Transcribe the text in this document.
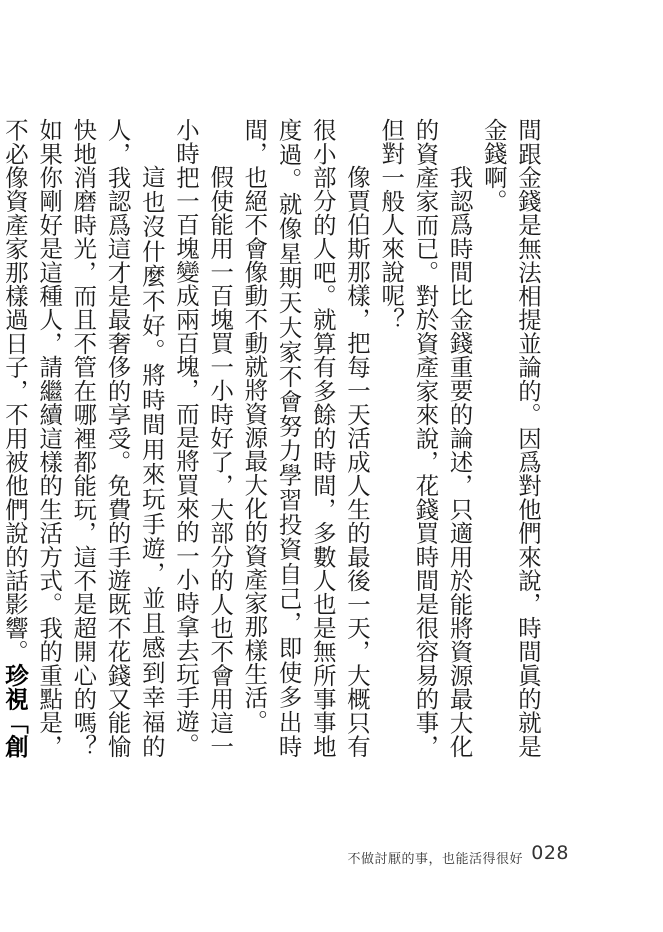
間跟金錢是無法相提並論的。因爲對他們來說，時間眞的就是金錢啊。

我認爲時間比金錢重要的論述，只適用於能將資源最大化的資產家而已。對於資產家來說，花錢買時間是很容易的事，但對一般人來說呢？

像賈伯斯那樣，把每一天活成人生的最後一天，大概只有很小部分的人吧。就算有多餘的時間，多數人也是無所事事地度過。就像星期天大家不會努力學習投資自己，即使多出時間，也絕不會像動不動就將資源最大化的資產家那樣生活。

假使能用一百塊買一小時好了，大部分的人也不會用這一小時把一百塊變成兩百塊，而是將買來的一小時拿去玩手遊。

這也沒什麼不好。將時間用來玩手遊，並且感到幸福的人，我認爲這才是最奢侈的享受。免費的手遊既不花錢又能愉快地消磨時光，而且不管在哪裡都能玩，這不是超開心的嗎？如果你剛好是這種人，請繼續這樣的生活方式。我的重點是，不必像資產家那樣過日子，不用被他們說的話影響。珍視「創

不做討厭的事，也能活得很好 028
